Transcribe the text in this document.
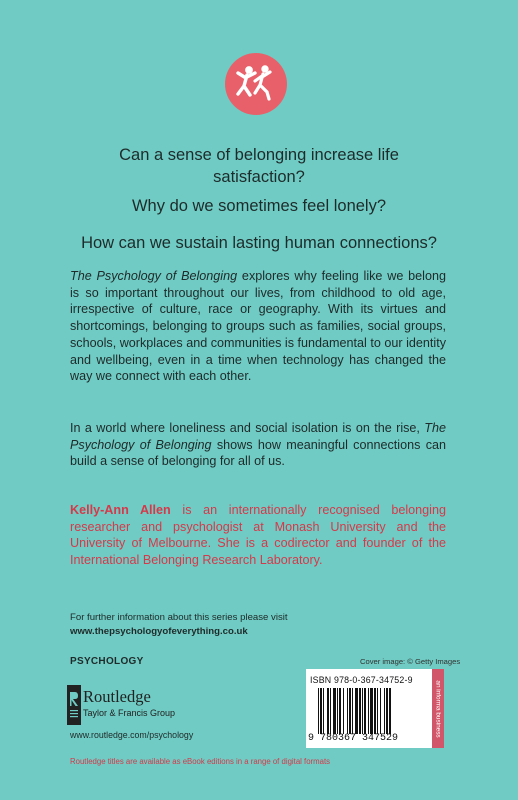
Can a sense of belonging increase life satisfaction?
Why do we sometimes feel lonely?
How can we sustain lasting human connections?
The Psychology of Belonging explores why feeling like we belong is so important throughout our lives, from childhood to old age, irrespective of culture, race or geography. With its virtues and shortcomings, belonging to groups such as families, social groups, schools, workplaces and communities is fundamental to our identity and wellbeing, even in a time when technology has changed the way we connect with each other.
In a world where loneliness and social isolation is on the rise, The Psychology of Belonging shows how meaningful connections can build a sense of belonging for all of us.
Kelly-Ann Allen is an internationally recognised belonging researcher and psychologist at Monash University and the University of Melbourne. She is a codirector and founder of the International Belonging Research Laboratory.
For further information about this series please visit
www.thepsychologyofeverything.co.uk
PSYCHOLOGY
Routledge
Taylor & Francis Group
www.routledge.com/psychology
Cover image: © Getty Images
ISBN 978-0-367-34752-9
9 780367 347529
an informa business
Routledge titles are available as eBook editions in a range of digital formats
